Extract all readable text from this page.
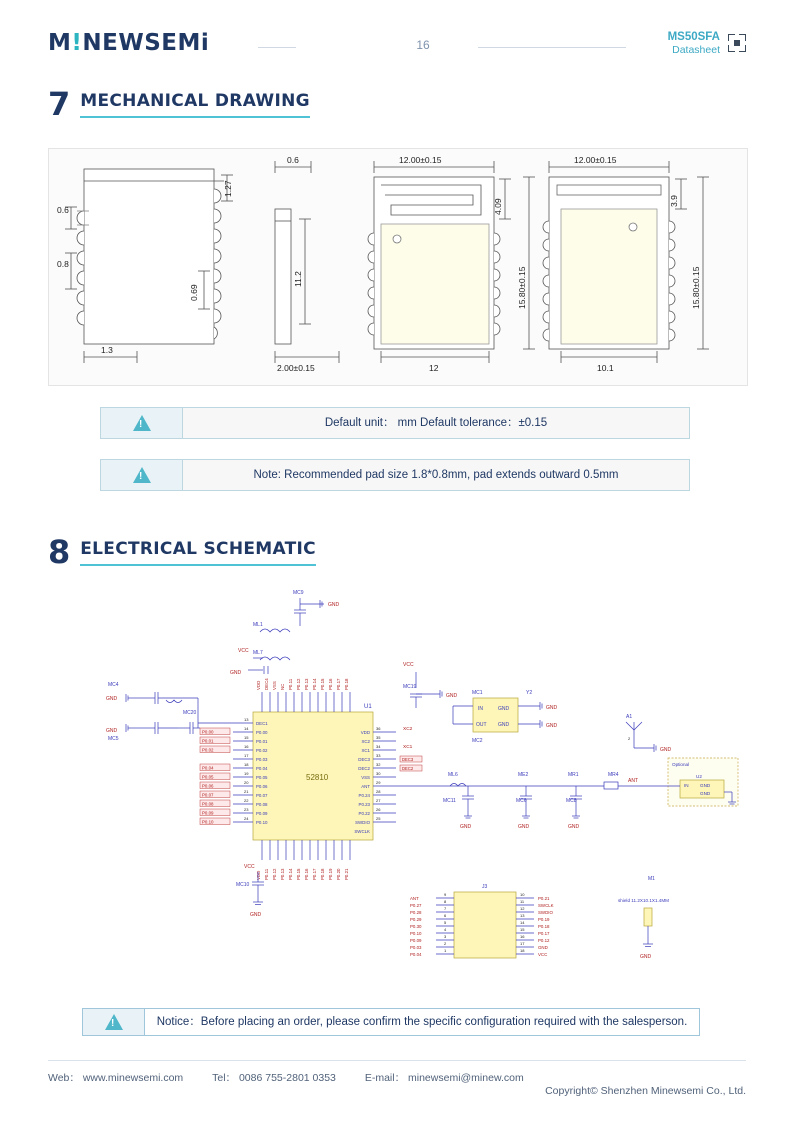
M!NEWSEMi	16
MS50SFA
Datasheet
7 MECHANICAL DRAWING
1.27
0.6
0.8
0.69
1.3
0.6
11.2
2.00±0.15
12.00±0.15
4.09
15.80±0.15
12
12.00±0.15
3.9
15.80±0.15
10.1
!
Default unit： mm Default tolerance：±0.15
!
Note: Recommended pad size 1.8*0.8mm, pad extends outward 0.5mm
8 ELECTRICAL SCHEMATIC
52810
U1
VDD DEC4 VSS NC P0.11 P0.12 P0.13 P0.14 P0.15 P0.16 P0.17 P0.18
VDD P0.11 P0.12 P0.13 P0.14 P0.15 P0.16 P0.17 P0.18 P0.19 P0.20 P0.21
DEC1
P0.00
P0.01
P0.02
P0.03
P0.04
P0.05
P0.06
P0.07
P0.08
P0.09
P0.10
13
14
15
16
17
18
19
20
21
22
23
24
P0.00
P0.01
P0.02
P0.04
P0.05
P0.06
P0.07
P0.08
P0.09
P0.10
VDD
XC2
XC1
DEC3
DEC2
VSS
ANT
P0.24
P0.23
P0.22
SWDIO
SWCLK
36
35
34
33
32
30
29
28
27
26
25
XC2
XC1
DEC3
DEC2
ML1
ML7
MC9
GND
VCC
GND
MC4
GND
MC5
GND
MC20
VCC
MC19
GND
IN	GND
OUT GND
MC1
MC2
Y2
GND
GND
ML6
MC11
GND
ME2
GND
MC6	MC8
GND
MR1	MR4
ANT
A1
GND
2
Optional
U2
IN GND
GND
VCC
MC10
GND
J3
ANT
P0.27
P0.28
P0.29
P0.30
P0.10
P0.09
P0.03
P0.04
9
8
7
6
5
4
3
2
1
10
11
12
13
14
15
16
17
18
P0.21
SWCLK
SWDIO
P0.19
P0.18
P0.17
P0.12
GND
VCC
M1
shield 11.2X10.1X1.4MM
GND
!
Notice：Before placing an order, please confirm the specific configuration required with the salesperson.
Web： www.minewsemi.com	Tel： 0086 755-2801 0353	E-mail： minewsemi@minew.com
Copyright© Shenzhen Minewsemi Co., Ltd.
